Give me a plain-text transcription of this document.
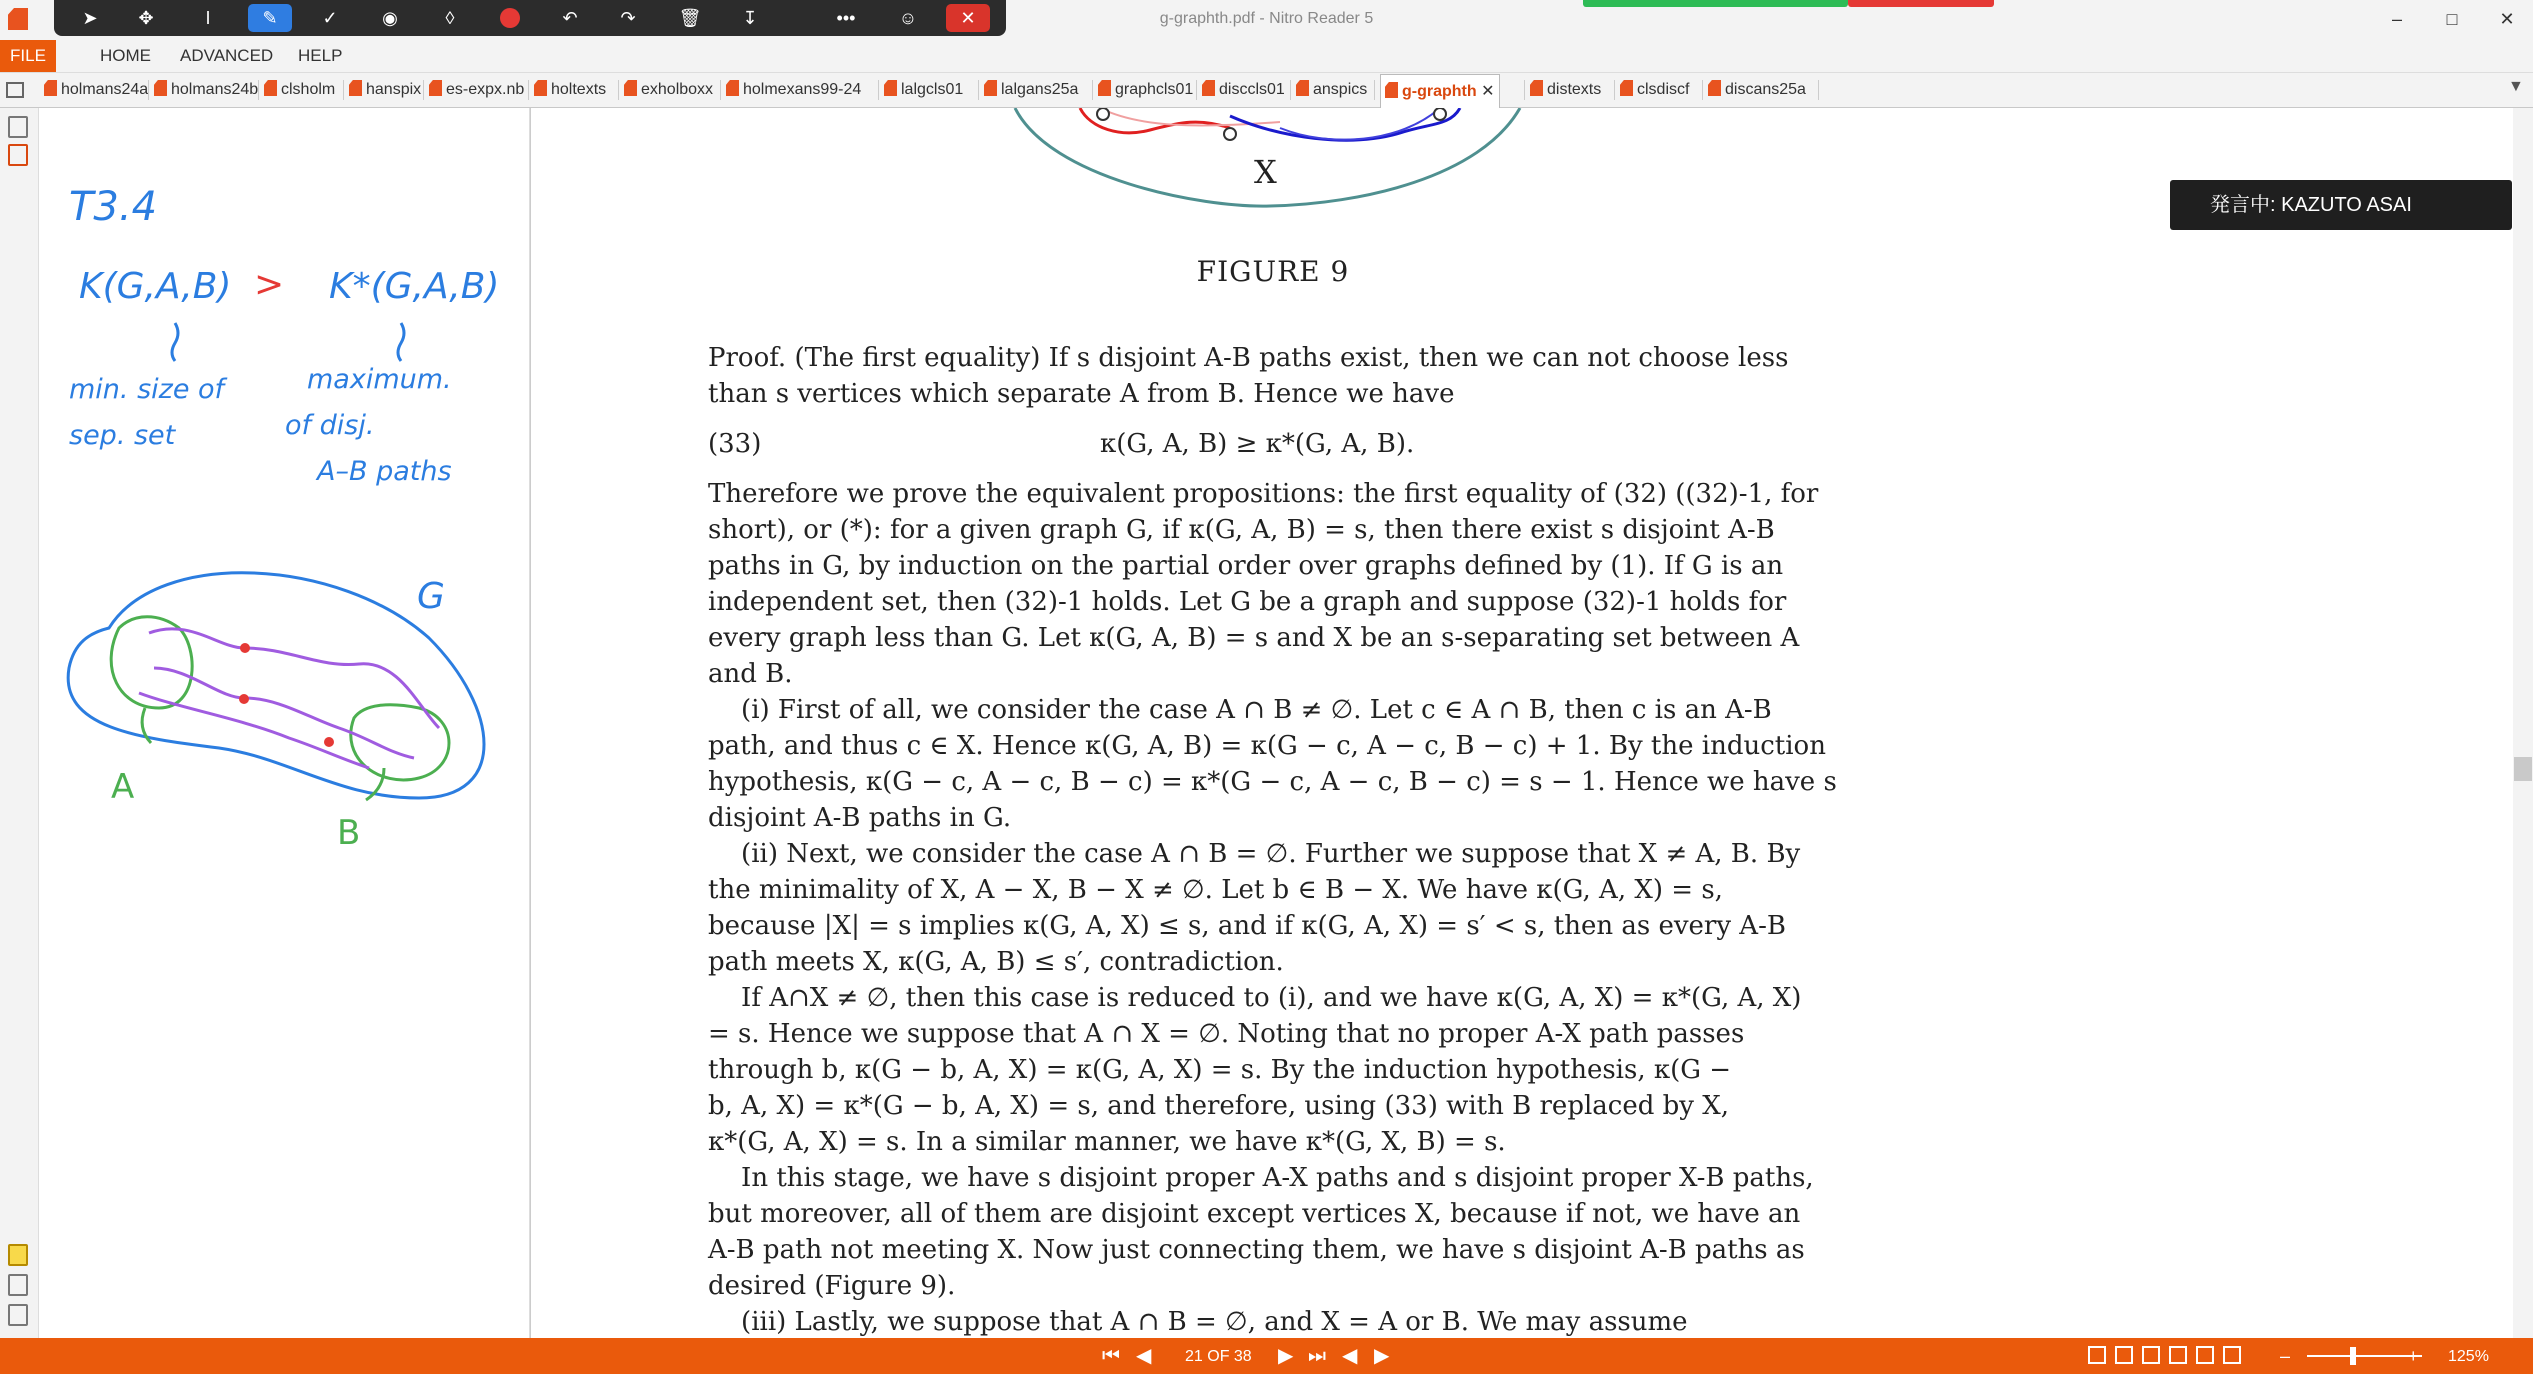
g-graphth.pdf - Nitro Reader 5	–	□	✕
➤	✥	I	✎	✓	◉	◊	↶	↷	🗑	↧	•••	☺	✕
FILE	HOME	ADVANCED	HELP
holmans24a	holmans24b	clsholm	hanspix	es-expx.nb	holtexts	exholboxx	holmexans99-24	lalgcls01	lalgans25a	graphcls01	disccls01	anspics	g-graphth ✕	distexts	clsdiscf	discans25a	▼
T3.4
K(G,A,B) > K*(G,A,B)
min. size of
sep. set
maximum.
of disj.
A–B paths
G
A
B
X
FIGURE 9
Proof. (The first equality) If s disjoint A-B paths exist, then we can not choose less
than s vertices which separate A from B. Hence we have
Therefore we prove the equivalent propositions: the first equality of (32) ((32)-1, for
short), or (*): for a given graph G, if κ(G, A, B) = s, then there exist s disjoint A-B
paths in G, by induction on the partial order over graphs defined by (1). If G is an
independent set, then (32)-1 holds. Let G be a graph and suppose (32)-1 holds for
every graph less than G. Let κ(G, A, B) = s and X be an s-separating set between A
and B.
(i) First of all, we consider the case A ∩ B ≠ ∅. Let c ∈ A ∩ B, then c is an A-B
path, and thus c ∈ X. Hence κ(G, A, B) = κ(G − c, A − c, B − c) + 1. By the induction
hypothesis, κ(G − c, A − c, B − c) = κ*(G − c, A − c, B − c) = s − 1. Hence we have s
disjoint A-B paths in G.
(ii) Next, we consider the case A ∩ B = ∅. Further we suppose that X ≠ A, B. By
the minimality of X, A − X, B − X ≠ ∅. Let b ∈ B − X. We have κ(G, A, X) = s,
because |X| = s implies κ(G, A, X) ≤ s, and if κ(G, A, X) = s′ < s, then as every A-B
path meets X, κ(G, A, B) ≤ s′, contradiction.
If A∩X ≠ ∅, then this case is reduced to (i), and we have κ(G, A, X) = κ*(G, A, X)
= s. Hence we suppose that A ∩ X = ∅. Noting that no proper A-X path passes
through b, κ(G − b, A, X) = κ(G, A, X) = s. By the induction hypothesis, κ(G −
b, A, X) = κ*(G − b, A, X) = s, and therefore, using (33) with B replaced by X,
κ*(G, A, X) = s. In a similar manner, we have κ*(G, X, B) = s.
In this stage, we have s disjoint proper A-X paths and s disjoint proper X-B paths,
but moreover, all of them are disjoint except vertices X, because if not, we have an
A-B path not meeting X. Now just connecting them, we have s disjoint A-B paths as
desired (Figure 9).
(iii) Lastly, we suppose that A ∩ B = ∅, and X = A or B. We may assume
(33)	κ(G, A, B) ≥ κ*(G, A, B).
発言中: KAZUTO ASAI
⏮ ◀ 21 OF 38 ▶ ⏭ ◀ ▶	–	+ 125%
